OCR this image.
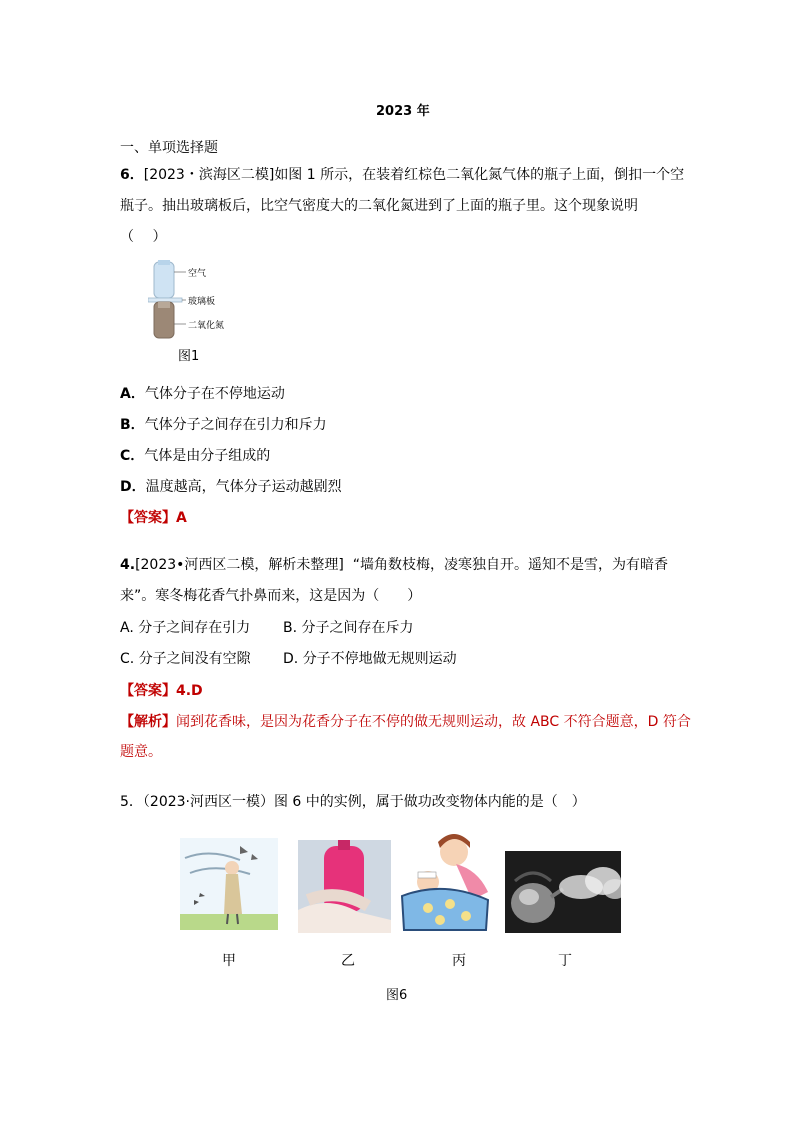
2023 年
一、单项选择题
6．[2023・滨海区二模]如图 1 所示，在装着红棕色二氧化氮气体的瓶子上面，倒扣一个空
瓶子。抽出玻璃板后，比空气密度大的二氧化氮进到了上面的瓶子里。这个现象说明
（　 ）
空气
玻璃板
二氧化氮
图1
A．气体分子在不停地运动
B．气体分子之间存在引力和斥力
C．气体是由分子组成的
D．温度越高，气体分子运动越剧烈
【答案】A
4.[2023•河西区二模，解析未整理] “墙角数枝梅，凌寒独自开。遥知不是雪，为有暗香
来”。寒冬梅花香气扑鼻而来，这是因为（　　）
A. 分子之间存在引力 B. 分子之间存在斥力
C. 分子之间没有空隙 D. 分子不停地做无规则运动
【答案】4.D
【解析】闻到花香味，是因为花香分子在不停的做无规则运动，故 ABC 不符合题意，D 符合
题意。
5．（2023·河西区一模）图 6 中的实例，属于做功改变物体内能的是（　）
甲	乙	丙	丁
图6
